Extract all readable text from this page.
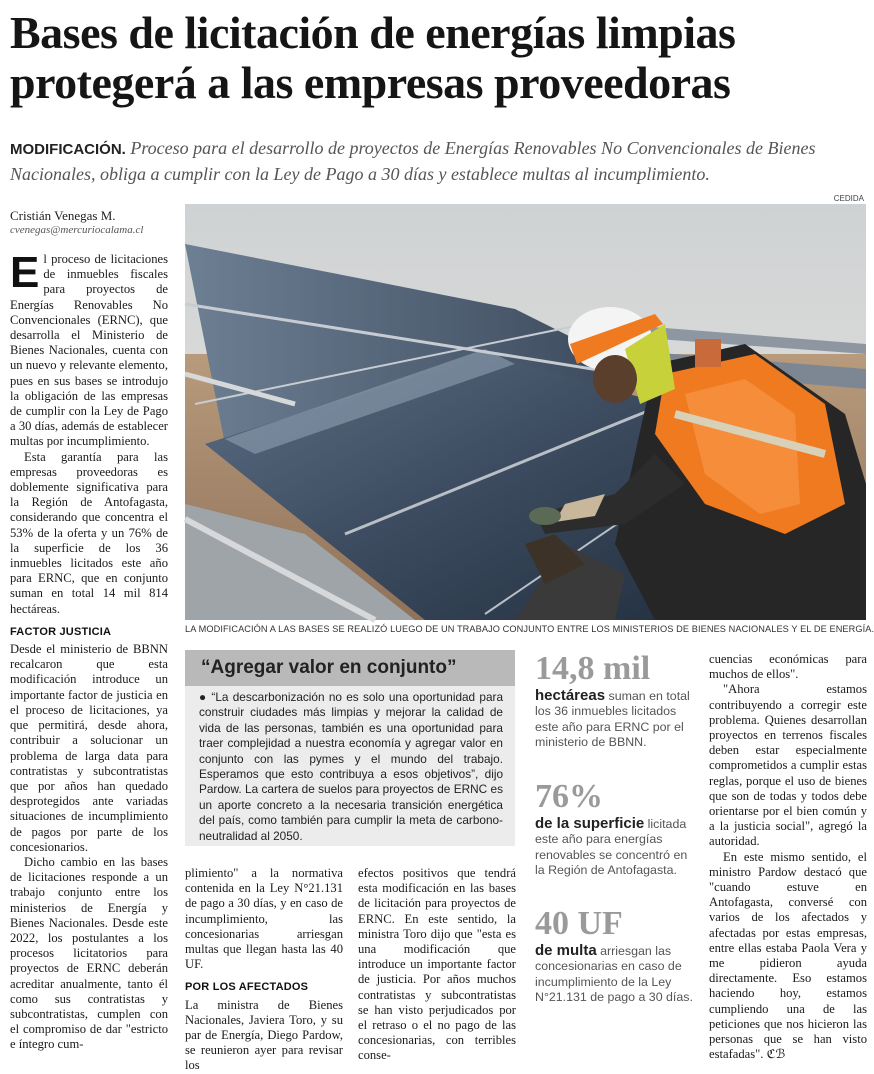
Bases de licitación de energías limpias
protegerá a las empresas proveedoras
MODIFICACIÓN. Proceso para el desarrollo de proyectos de Energías Renovables No Convencionales de Bienes Nacionales, obliga a cumplir con la Ley de Pago a 30 días y establece multas al incumplimiento.
CEDIDA
Cristián Venegas M.
cvenegas@mercuriocalama.cl

El proceso de licitaciones de inmuebles fiscales para proyectos de Energías Renovables No Convencionales (ERNC), que desarrolla el Ministerio de Bienes Nacionales, cuenta con un nuevo y relevante elemento, pues en sus bases se introdujo la obligación de las empresas de cumplir con la Ley de Pago a 30 días, además de establecer multas por incumplimiento.

Esta garantía para las empresas proveedoras es doblemente significativa para la Región de Antofagasta, considerando que concentra el 53% de la oferta y un 76% de la superficie de los 36 inmuebles licitados este año para ERNC, que en conjunto suman en total 14 mil 814 hectáreas.

FACTOR JUSTICIA

Desde el ministerio de BBNN recalcaron que esta modificación introduce un importante factor de justicia en el proceso de licitaciones, ya que permitirá, desde ahora, contribuir a solucionar un problema de larga data para contratistas y subcontratistas que por años han quedado desprotegidos ante variadas situaciones de incumplimiento de pagos por parte de los concesionarios.

Dicho cambio en las bases de licitaciones responde a un trabajo conjunto entre los ministerios de Energía y Bienes Nacionales. Desde este 2022, los postulantes a los procesos licitatorios para proyectos de ERNC deberán acreditar anualmente, tanto él como sus contratistas y subcontratistas, cumplen con el compromiso de dar "estricto e íntegro cum-

LA MODIFICACIÓN A LAS BASES SE REALIZÓ LUEGO DE UN TRABAJO CONJUNTO ENTRE LOS MINISTERIOS DE BIENES NACIONALES Y EL DE ENERGÍA.
“Agregar valor en conjunto”
● “La descarbonización no es solo una oportunidad para construir ciudades más limpias y mejorar la calidad de vida de las personas, también es una oportunidad para traer complejidad a nuestra economía y agregar valor en conjunto con las pymes y el mundo del trabajo. Esperamos que esto contribuya a esos objetivos”, dijo Pardow. La cartera de suelos para proyectos de ERNC es un aporte concreto a la necesaria transición energética del país, como también para cumplir la meta de carbono-neutralidad al 2050.

plimiento" a la normativa contenida en la Ley N°21.131 de pago a 30 días, y en caso de incumplimiento, las concesionarias arriesgan multas que llegan hasta las 40 UF.

POR LOS AFECTADOS

La ministra de Bienes Nacionales, Javiera Toro, y su par de Energía, Diego Pardow, se reunieron ayer para revisar los

efectos positivos que tendrá esta modificación en las bases de licitación para proyectos de ERNC. En este sentido, la ministra Toro dijo que "esta es una modificación que introduce un importante factor de justicia. Por años muchos contratistas y subcontratistas se han visto perjudicados por el retraso o el no pago de las concesionarias, con terribles conse-

14,8 mil
hectáreas suman en total los 36 inmuebles licitados este año para ERNC por el ministerio de BBNN.
76%
de la superficie licitada este año para energías renovables se concentró en la Región de Antofagasta.
40 UF
de multa arriesgan las concesionarias en caso de incumplimiento de la Ley N°21.131 de pago a 30 días.

cuencias económicas para muchos de ellos".

"Ahora estamos contribuyendo a corregir este problema. Quienes desarrollan proyectos en terrenos fiscales deben estar especialmente comprometidos a cumplir estas reglas, porque el uso de bienes que son de todas y todos debe orientarse por el bien común y a la justicia social", agregó la autoridad.

En este mismo sentido, el ministro Pardow destacó que "cuando estuve en Antofagasta, conversé con varios de los afectados y afectadas por estas empresas, entre ellas estaba Paola Vera y me pidieron ayuda directamente. Eso estamos haciendo hoy, estamos cumpliendo una de las peticiones que nos hicieron las personas que se han visto estafadas". ℭℬ
